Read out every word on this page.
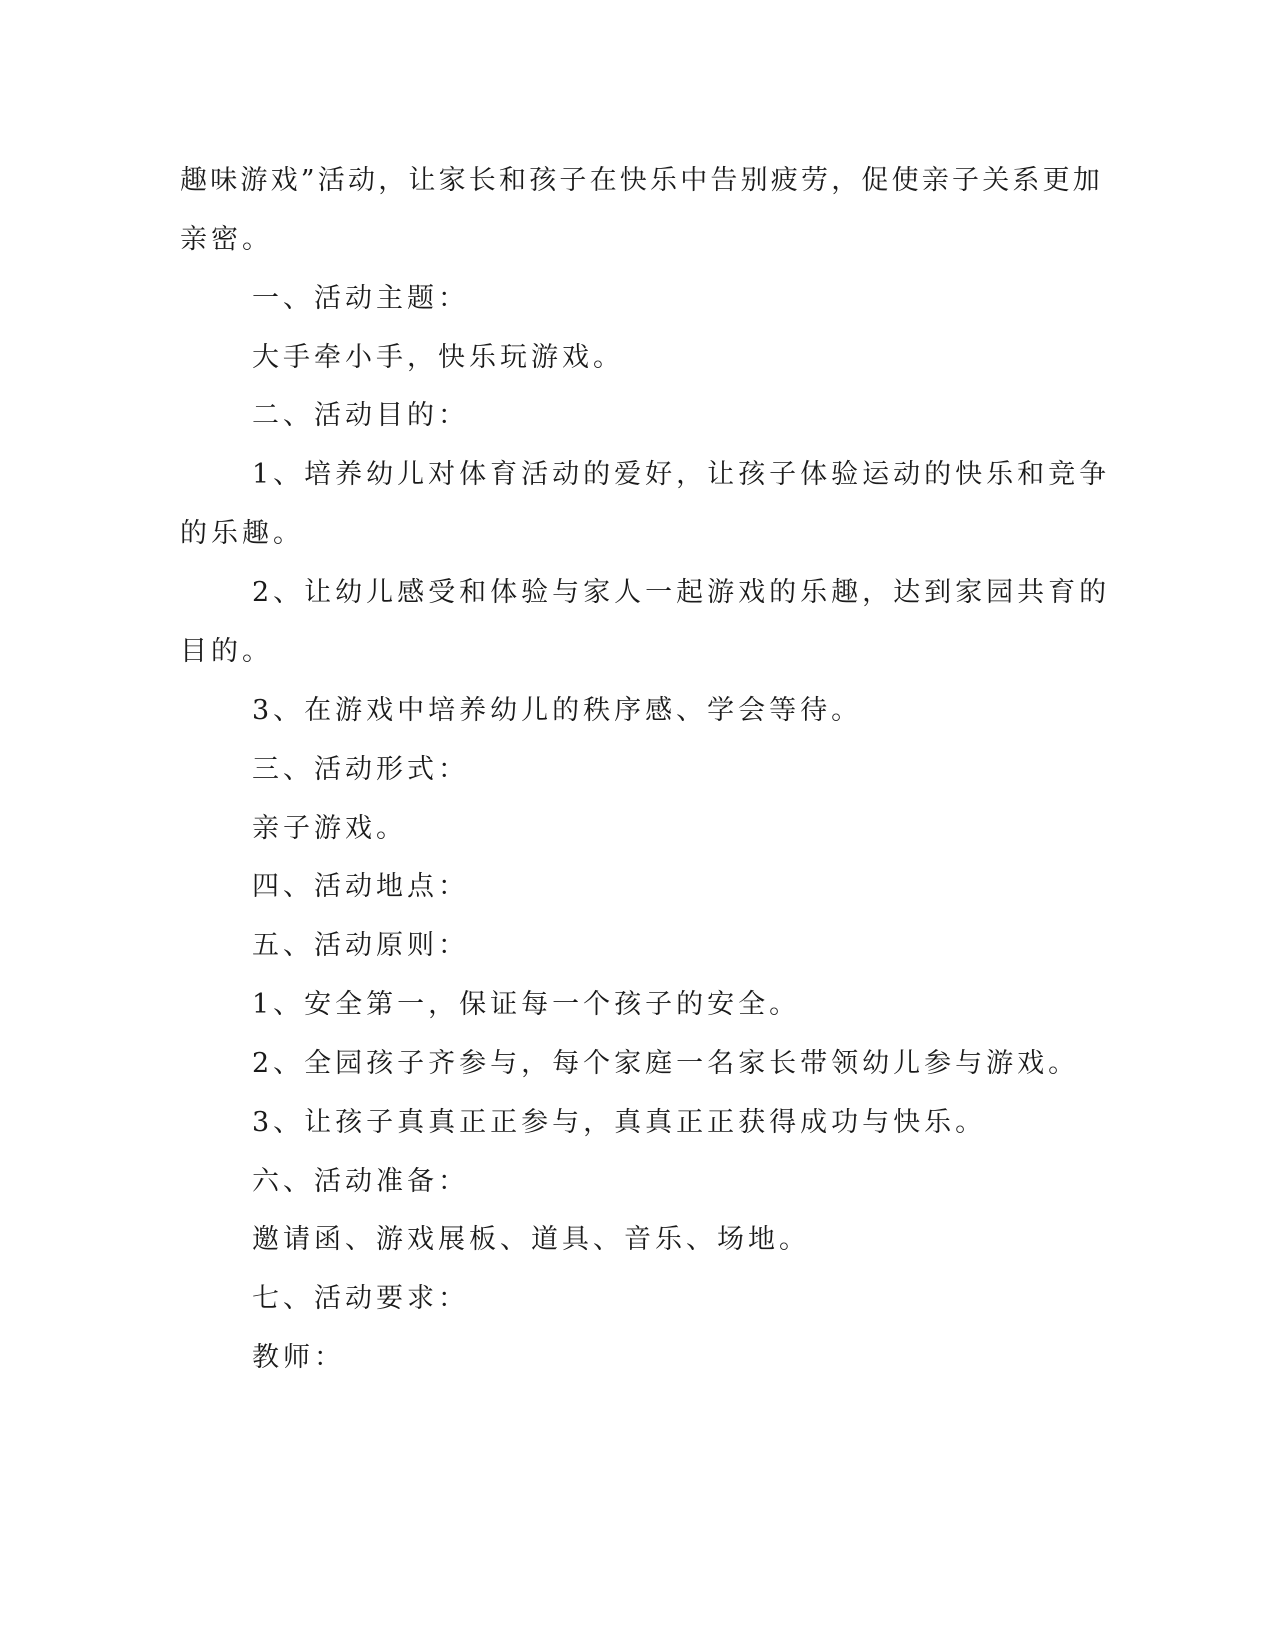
趣味游戏”活动，让家长和孩子在快乐中告别疲劳，促使亲子关系更加

亲密。

一、活动主题：

大手牵小手，快乐玩游戏。

二、活动目的：

1、培养幼儿对体育活动的爱好，让孩子体验运动的快乐和竞争

的乐趣。

2、让幼儿感受和体验与家人一起游戏的乐趣，达到家园共育的

目的。

3、在游戏中培养幼儿的秩序感、学会等待。

三、活动形式：

亲子游戏。

四、活动地点：

五、活动原则：

1、安全第一，保证每一个孩子的安全。

2、全园孩子齐参与，每个家庭一名家长带领幼儿参与游戏。

3、让孩子真真正正参与，真真正正获得成功与快乐。

六、活动准备：

邀请函、游戏展板、道具、音乐、场地。

七、活动要求：

教师：
